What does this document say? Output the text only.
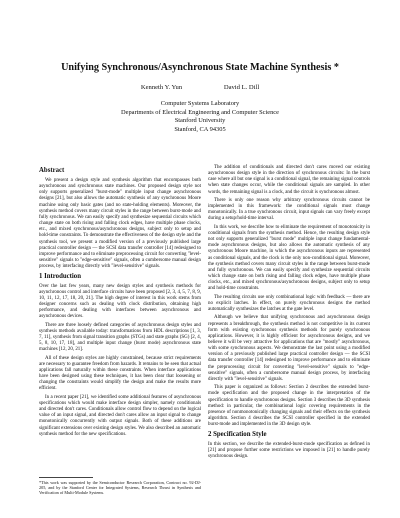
Unifying Synchronous/Asynchronous State Machine Synthesis *
Kenneth Y. Yun	David L. Dill
Computer Systems Laboratory
Departments of Electrical Engineering and Computer Science
Stanford University
Stanford, CA 94305
Abstract

We present a design style and synthesis algorithm that encompasses both asynchronous and synchronous state machines. Our proposed design style not only supports generalized "burst-mode" multiple input change asynchronous designs [21], but also allows the automatic synthesis of any synchronous Moore machine using only basic gates (and no state-holding elements). Moreover, the synthesis method covers many circuit styles in the range between burst-mode and fully synchronous. We can easily specify and synthesize sequential circuits which change state on both rising and falling clock edges, have multiple phase clocks, etc., and mixed synchronous/asynchronous designs, subject only to setup and hold-time constraints. To demonstrate the effectiveness of the design style and the synthesis tool, we present a modified version of a previously published large practical controller design — the SCSI data transfer controller [14] redesigned to improve performance and to eliminate preprocessing circuit for converting "level-sensitive" signals to "edge-sensitive" signals, often a cumbersome manual design process, by interfacing directly with "level-sensitive" signals.

1 Introduction

Over the last few years, many new design styles and synthesis methods for asynchronous control and interface circuits have been proposed [2, 3, 4, 5, 7, 8, 9, 10, 11, 12, 17, 18, 20, 21]. The high degree of interest in this work stems from designer concerns such as dealing with clock distribution, obtaining high performance, and dealing with interfaces between asynchronous and asynchronous devices.

There are three loosely defined categories of asynchronous design styles and synthesis methods available today: transformations from HDL descriptions [1, 3, 7, 11], synthesis from signal transition graphs (STGs) and state graphs (SG) [2, 4, 5, 8, 10, 17, 18], and multiple input change (burst mode) asynchronous state machines [12, 20, 21].

All of these design styles are highly constrained, because strict requirements are necessary to guarantee freedom from hazards. It remains to be seen that actual applications fall naturally within these constraints. When interface applications have been designed using these techniques, it has been clear that loosening or changing the constraints would simplify the design and make the results more efficient.

In a recent paper [21], we identified some additional features of asynchronous specifications which would make interface design simpler, namely conditionals and directed don't cares. Conditionals allow control flow to depend on the logical value of an input signal, and directed don't cares allow an input signal to change monotonically concurrently with output signals. Both of these additions are significant extensions over existing design styles. We also described an automatic synthesis method for the new specifications.

*This work was supported by the Semiconductor Research Corporation, Contract no. 92-DJ-205, and by the Stanford Center for Integrated Systems, Research Thrust in Synthesis and Verification of Multi-Module Systems.

The addition of conditionals and directed don't cares moved our existing asynchronous design style in the direction of synchronous circuits: In the burst case where all but one signal is a conditional signal, the remaining signal controls when state changes occur, while the conditional signals are sampled. In other words, the remaining signal is a clock, and the circuit is synchronous almost.

There is only one reason why arbitrary synchronous circuits cannot be implemented in this framework: the conditional signals must change monotonically. In a true synchronous circuit, input signals can vary freely except during a setup/hold-time interval.

In this work, we describe how to eliminate the requirement of monotonicity in conditional signals from the synthesis method. Hence, the resulting design style not only supports generalized "burst mode" multiple input change fundamental-mode asynchronous designs, but also allows the automatic synthesis of any synchronous Moore machine, in which the asynchronous inputs are represented as conditional signals, and the clock is the only non-conditional signal. Moreover, the synthesis method covers many circuit styles in the range between burst-mode and fully synchronous. We can easily specify and synthesize sequential circuits which change state on both rising and falling clock edges, have multiple phase clocks, etc., and mixed synchronous/asynchronous designs, subject only to setup and hold-time constraints.

The resulting circuits use only combinational logic with feedback — there are no explicit latches. In effect, on purely synchronous designs the method automatically synthesizes the latches at the gate level.

Although we believe that unifying synchronous and asynchronous design represents a breakthrough, the synthesis method is not competitive in its current form with existing synchronous synthesis methods for purely synchronous applications. However, it is highly efficient for asynchronous designs, and we believe it will be very attractive for applications that are "mostly" asynchronous, with some synchronous aspects. We demonstrate the last point using a modified version of a previously published large practical controller design — the SCSI data transfer controller [14] redesigned to improve performance and to eliminate the preprocessing circuit for converting "level-sensitive" signals to "edge-sensitive" signals, often a cumbersome manual design process, by interfacing directly with "level-sensitive" signals.

This paper is organized as follows: Section 2 describes the extended burst-mode specification and the proposed change in the interpretation of the specification to handle synchronous designs. Section 3 describes the 3D synthesis method: in particular, the combinational logic covering requirements in the presence of nonmonotonically changing signals and their effects on the synthesis algorithm. Section 4 describes the SCSI controller specified in the extended burst-mode and implemented in the 3D design style.

2 Specification Style

In this section, we describe the extended-burst-mode specification as defined in [21] and propose further some restrictions we imposed in [21] to handle purely synchronous design.
